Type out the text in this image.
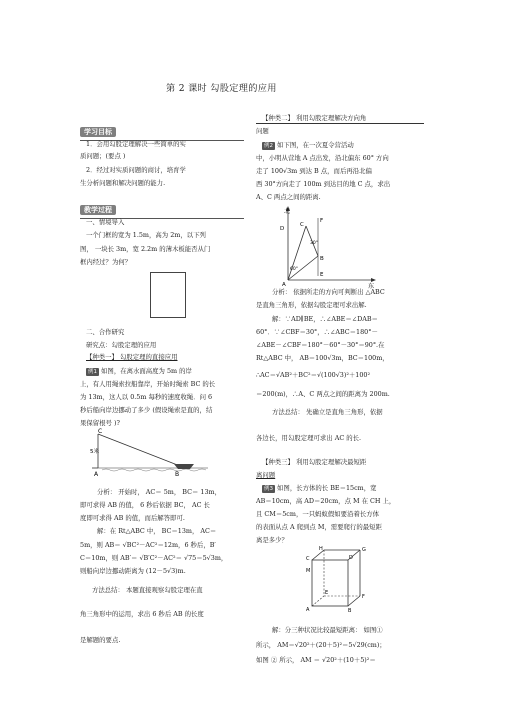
第 2 课时 勾股定理的应用
学习目标
1．会用勾股定理解决一些简单的实
质问题；(要点 )
2．经过对实质问题的商讨，培育学
生分析问题和解决问题的能力.
教学过程
一、情境导入
一个门框的宽为 1.5m，高为 2m，以下列
图， 一块长 3m，宽 2.2m 的薄木板能否从门
框内经过？为何？
二、合作研究
研究点：勾股定理的应用
【种类一】 勾股定理的直接应用
例1 如图，在离水面高度为 5m 的岸
上，有人用绳索拉船靠岸，开始时绳索 BC 的长
为 13m，这人以 0.5m 每秒的速度收绳．问 6
秒后船向岸边挪动了多少 (假设绳索是直的，结
果保留根号 )?
C
5米
B
A
分析： 开始时， AC＝ 5m， BC＝ 13m，
即可求得 AB 的值， 6 秒后依据 BC， AC 长
度即可求得 AB 的值，而后解答即可.
解：在 Rt△ABC 中， BC＝13m， AC＝
5m，则 AB＝ √BC²－AC²＝12m，6 秒后，B′
C＝10m，则 AB′＝ √B′C²－AC²＝ √75＝5√3m，
则船向岸边挪动距离为 (12－5√3)m.
方法总结： 本题直接观察勾股定理在直
角三角形中的运用，求出 6 秒后 AB 的长度
是解题的要点.
【种类二】 利用勾股定理解决方向角
问题
例2 如下图，在一次夏令营活动
中，小明从营地 A 点出发，沿北偏东 60° 方向
走了 100√3m 到达 B 点，而后再沿北偏
西 30°方向走了 100m 到达目的地 C 点，求出
A、C 两点之间的距离.
北
东
D
F
C
B
E
A
30°
60°
分析： 依据所走的方向可判断出 △ABC
是直角三角形，依据勾股定理可求出解.
解：∵AD∥BE，∴∠ABE＝∠DAB＝
60°．∵∠CBF＝30°，∴∠ABC＝180°－
∠ABE－∠CBF＝180°－60°－30°＝90°.在
Rt△ABC 中， AB＝100√3m，BC＝100m，
∴AC＝√AB²＋BC²＝√(100√3)²＋100²
＝200(m)，∴A、C 两点之间的距离为 200m.
方法总结： 先确立是直角三角形，依据
各边长，用勾股定理可求出 AC 的长.
【种类三】 利用勾股定理解决最短距
离问题
例3 如图，长方体的长 BE＝15cm，宽
AB＝10cm，高 AD＝20cm，点 M 在 CH 上，
且 CM＝5cm，一只蚂蚁假如要沿着长方体
的表面从点 A 爬到点 M，需要爬行的最短距
离是多少？
H	G
C	D
M
F
E
A	B
解：分三种状况比较最短距离： 如图①
所示， AM＝√20²＋(20＋5)²＝5√29(cm)；
如图 ② 所示， AM ＝ √20²＋(10＋5)²＝
